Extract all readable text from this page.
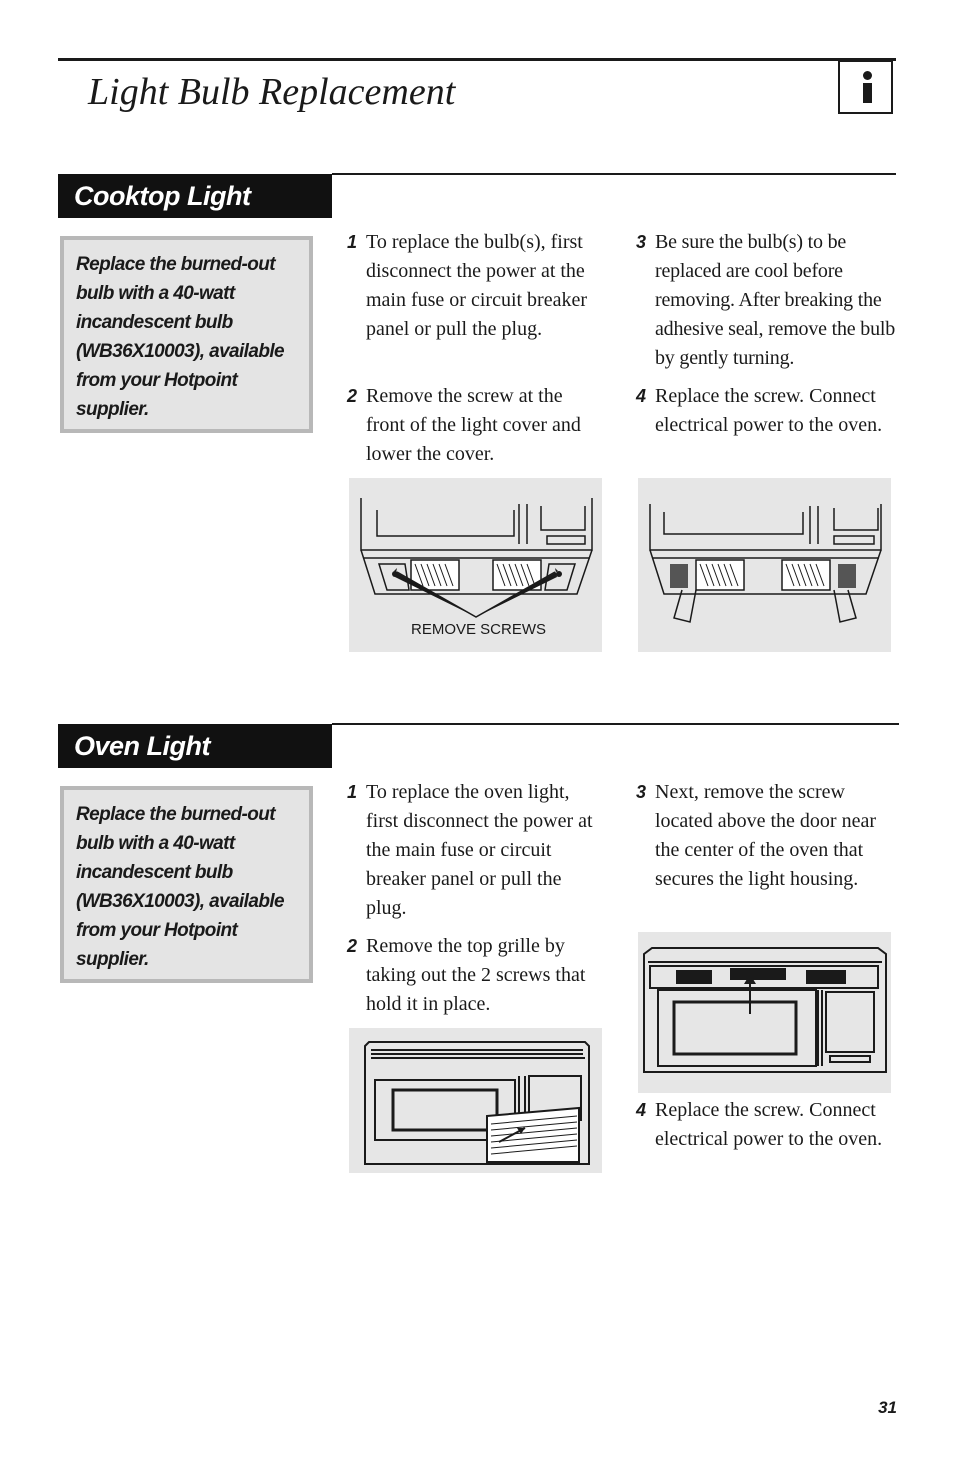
Light Bulb Replacement
Cooktop Light

Replace the burned-out bulb with a 40-watt incandescent bulb (WB36X10003), available from your Hotpoint supplier.

1 To replace the bulb(s), first disconnect the power at the main fuse or circuit breaker panel or pull the plug.
2 Remove the screw at the front of the light cover and lower the cover.
3 Be sure the bulb(s) to be replaced are cool before removing. After breaking the adhesive seal, remove the bulb by gently turning.
4 Replace the screw. Connect electrical power to the oven.
REMOVE SCREWS
Oven Light

Replace the burned-out bulb with a 40-watt incandescent bulb (WB36X10003), available from your Hotpoint supplier.

1 To replace the oven light, first disconnect the power at the main fuse or circuit breaker panel or pull the plug.
2 Remove the top grille by taking out the 2 screws that hold it in place.
3 Next, remove the screw located above the door near the center of the oven that secures the light housing.
4 Replace the screw. Connect electrical power to the oven.
31
